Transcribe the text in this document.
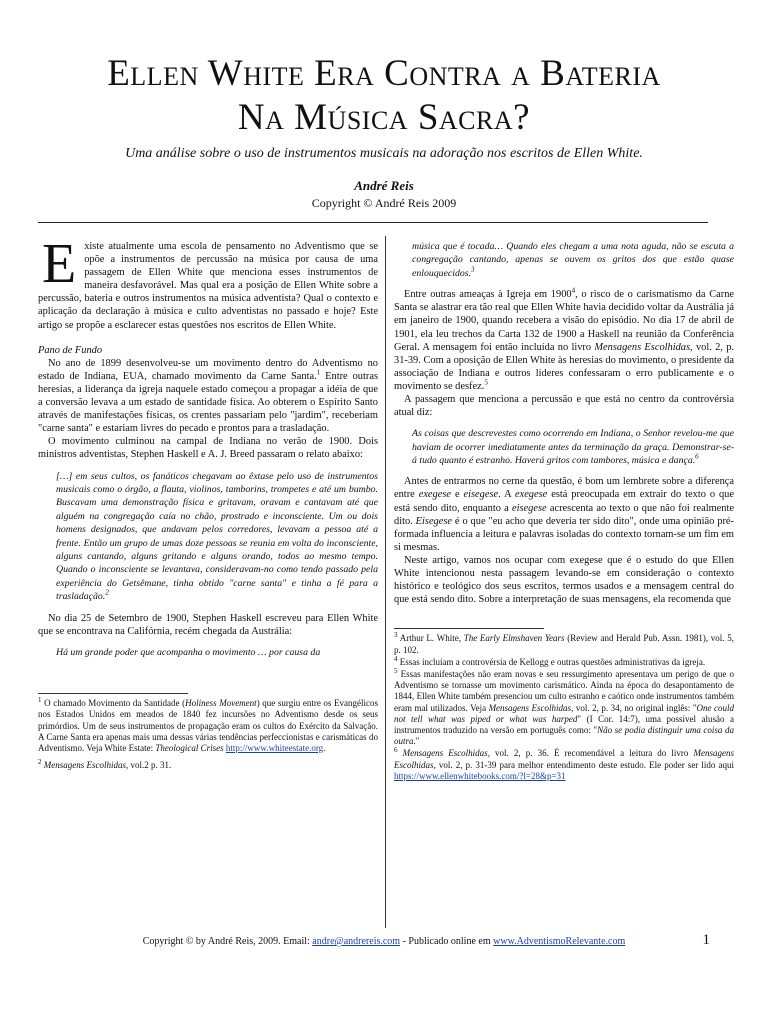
Ellen White Era Contra a Bateria
Na Música Sacra?
Uma análise sobre o uso de instrumentos musicais na adoração nos escritos de Ellen White.
André Reis
Copyright © André Reis 2009

Existe atualmente uma escola de pensamento no Adventismo que se opõe a instrumentos de percussão na música por causa de uma passagem de Ellen White que menciona esses instrumentos de maneira desfavorável. Mas qual era a posição de Ellen White sobre a percussão, bateria e outros instrumentos na música adventista? Qual o contexto e aplicação da declaração à música e culto adventistas no passado e hoje? Este artigo se propõe a esclarecer estas questões nos escritos de Ellen White.

Pano de Fundo

No ano de 1899 desenvolveu-se um movimento dentro do Adventismo no estado de Indiana, EUA, chamado movimento da Carne Santa.$^1$ Entre outras heresias, a liderança da igreja naquele estado começou a propagar a idéia de que a conversão levava a um estado de santidade física. Ao obterem o Espírito Santo através de manifestações físicas, os crentes passariam pelo "jardim", receberiam "carne santa" e estariam livres do pecado e prontos para a trasladação.

O movimento culminou na campal de Indiana no verão de 1900. Dois ministros adventistas, Stephen Haskell e A. J. Breed passaram o relato abaixo:

[…] em seus cultos, os fanáticos chegavam ao êxtase pelo uso de instrumentos musicais como o órgão, a flauta, violinos, tamborins, trompetes e até um bumbo. Buscavam uma demonstração física e gritavam, oravam e cantavam até que alguém na congregação caía no chão, prostrado e inconsciente. Um ou dois homens designados, que andavam pelos corredores, levavam a pessoa até a frente. Então um grupo de umas doze pessoas se reunia em volta do inconsciente, alguns cantando, alguns gritando e alguns orando, todos ao mesmo tempo. Quando o inconsciente se levantava, consideravam-no como tendo passado pela experiência do Getsêmane, tinha obtido "carne santa" e tinha a fé para a trasladação.$^2$

No dia 25 de Setembro de 1900, Stephen Haskell escreveu para Ellen White que se encontrava na Califórnia, recém chegada da Austrália:

Há um grande poder que acompanha o movimento … por causa da

$^1$ O chamado Movimento da Santidade (Holiness Movement) que surgiu entre os Evangélicos nos Estados Unidos em meados de 1840 fez incursões no Adventismo desde os seus primórdios. Um de seus instrumentos de propagação eram os cultos do Exército da Salvação. A Carne Santa era apenas mais uma dessas várias tendências perfeccionistas e carismáticas do Adventismo. Veja White Estate: Theological Crises http://www.whiteestate.org.

$^2$ Mensagens Escolhidas, vol.2 p. 31.

música que é tocada… Quando eles chegam a uma nota aguda, não se escuta a congregação cantando, apenas se ouvem os gritos dos que estão quase enlouquecidos.$^3$

Entre outras ameaças à Igreja em 1900$^4$, o risco de o carismatismo da Carne Santa se alastrar era tão real que Ellen White havia decidido voltar da Austrália já em janeiro de 1900, quando recebera a visão do episódio. No dia 17 de abril de 1901, ela leu trechos da Carta 132 de 1900 a Haskell na reunião da Conferência Geral. A mensagem foi então incluída no livro Mensagens Escolhidas, vol. 2, p. 31-39. Com a oposição de Ellen White às heresias do movimento, o presidente da associação de Indiana e outros líderes confessaram o erro publicamente e o movimento se desfez.$^5$

A passagem que menciona a percussão e que está no centro da controvérsia atual diz:

As coisas que descrevestes como ocorrendo em Indiana, o Senhor revelou-me que haviam de ocorrer imediatamente antes da terminação da graça. Demonstrar-se-á tudo quanto é estranho. Haverá gritos com tambores, música e dança.$^6$

Antes de entrarmos no cerne da questão, é bom um lembrete sobre a diferença entre exegese e eisegese. A exegese está preocupada em extrair do texto o que está sendo dito, enquanto a eisegese acrescenta ao texto o que não foi realmente dito. Eisegese é o que "eu acho que deveria ter sido dito", onde uma opinião pré-formada influencia a leitura e palavras isoladas do contexto tornam-se um fim em si mesmas.

Neste artigo, vamos nos ocupar com exegese que é o estudo do que Ellen White intencionou nesta passagem levando-se em consideração o contexto histórico e teológico dos seus escritos, termos usados e a mensagem central do que está sendo dito. Sobre a interpretação de suas mensagens, ela recomenda que

$^3$ Arthur L. White, The Early Elmshaven Years (Review and Herald Pub. Assn. 1981), vol. 5, p. 102.

$^4$ Essas incluíam a controvérsia de Kellogg e outras questões administrativas da igreja.

$^5$ Essas manifestações não eram novas e seu ressurgimento apresentava um perigo de que o Adventismo se tornasse um movimento carismático. Ainda na época do desapontamento de 1844, Ellen White também presenciou um culto estranho e caótico onde instrumentos também eram mal utilizados. Veja Mensagens Escolhidas, vol. 2, p. 34, no original inglês: "One could not tell what was piped or what was harped" (I Cor. 14:7), uma possível alusão a instrumentos traduzido na versão em português como: "Não se podia distinguir uma coisa da outra."

$^6$ Mensagens Escolhidas, vol. 2, p. 36. É recomendável a leitura do livro Mensagens Escolhidas, vol. 2, p. 31-39 para melhor entendimento deste estudo. Ele poder ser lido aqui https://www.ellenwhitebooks.com/?l=28&p=31

Copyright © by André Reis, 2009. Email: andre@andrereis.com - Publicado online em www.AdventismoRelevante.com	1
